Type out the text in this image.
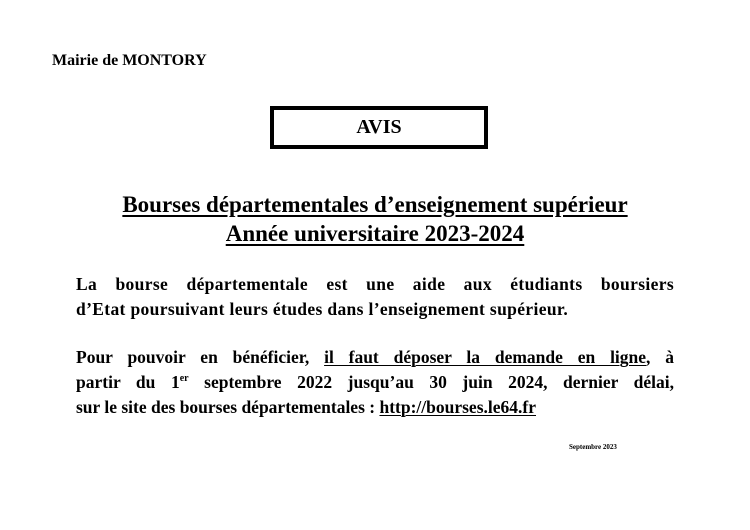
Mairie de MONTORY
AVIS
Bourses départementales d’enseignement supérieur
Année universitaire 2023-2024
La bourse départementale est une aide aux étudiants boursiers
d’Etat poursuivant leurs études dans l’enseignement supérieur.
Pour pouvoir en bénéficier, il faut déposer la demande en ligne, à
partir du 1er septembre 2022 jusqu’au 30 juin 2024, dernier délai,
sur le site des bourses départementales : http://bourses.le64.fr
Septembre 2023
